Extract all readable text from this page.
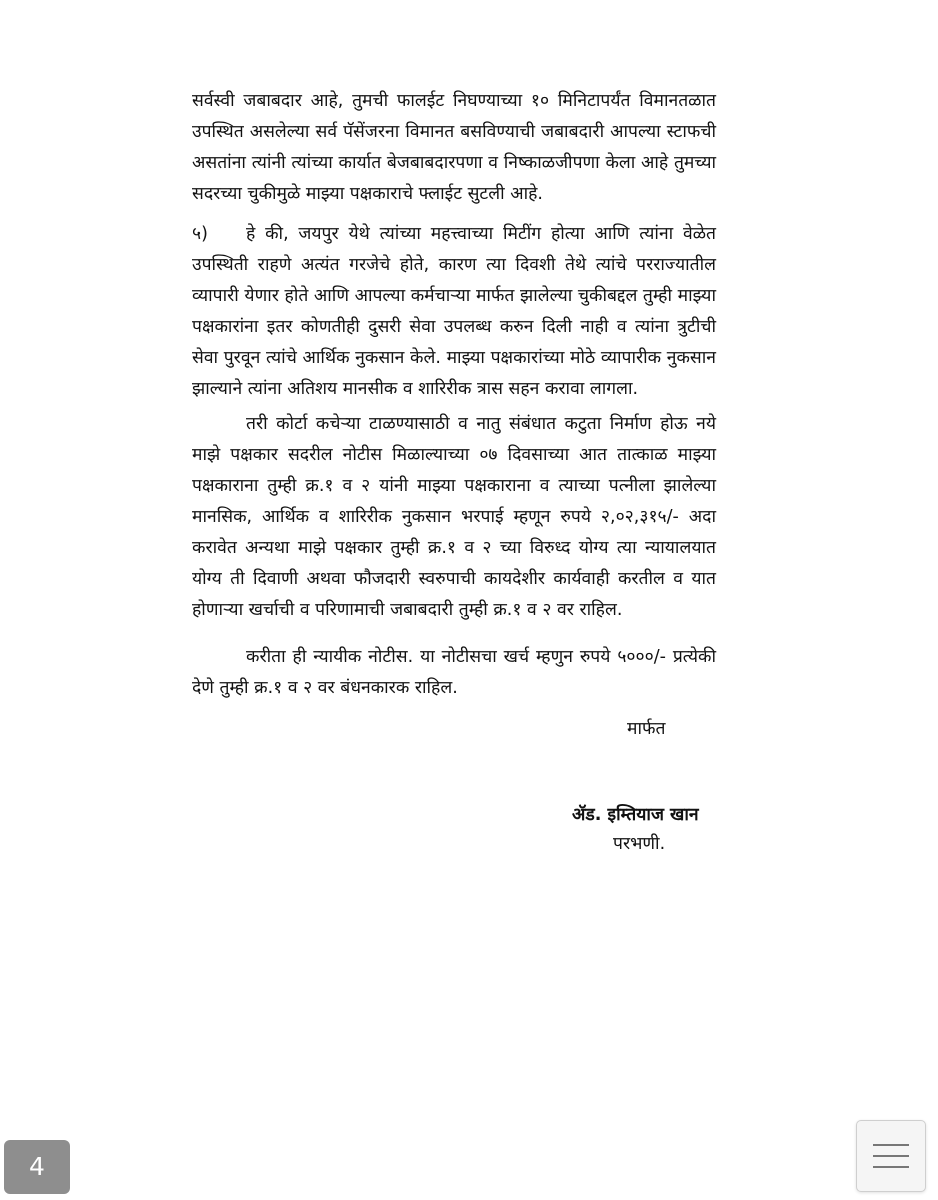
सर्वस्वी जबाबदार आहे, तुमची फालईट निघण्याच्या १० मिनिटापर्यंत विमानतळात उपस्थित असलेल्या सर्व पॅसेंजरना विमानत बसविण्याची जबाबदारी आपल्या स्टाफची असतांना त्यांनी त्यांच्या कार्यात बेजबाबदारपणा व निष्काळजीपणा केला आहे तुमच्या सदरच्या चुकीमुळे माझ्या पक्षकाराचे फ्लाईट सुटली आहे.

५) हे की, जयपुर येथे त्यांच्या महत्त्वाच्या मिटींग होत्या आणि त्यांना वेळेत उपस्थिती राहणे अत्यंत गरजेचे होते, कारण त्या दिवशी तेथे त्यांचे परराज्यातील व्यापारी येणार होते आणि आपल्या कर्मचाऱ्या मार्फत झालेल्या चुकीबद्दल तुम्ही माझ्या पक्षकारांना इतर कोणतीही दुसरी सेवा उपलब्ध करुन दिली नाही व त्यांना त्रुटीची सेवा पुरवून त्यांचे आर्थिक नुकसान केले. माझ्या पक्षकारांच्या मोठे व्यापारीक नुकसान झाल्याने त्यांना अतिशय मानसीक व शारिरीक त्रास सहन करावा लागला.

तरी कोर्टा कचेऱ्या टाळण्यासाठी व नातु संबंधात कटुता निर्माण होऊ नये माझे पक्षकार सदरील नोटीस मिळाल्याच्या ०७ दिवसाच्या आत तात्काळ माझ्या पक्षकाराना तुम्ही क्र.१ व २ यांनी माझ्या पक्षकाराना व त्याच्या पत्नीला झालेल्या मानसिक, आर्थिक व शारिरीक नुकसान भरपाई म्हणून रुपये २,०२,३१५/- अदा करावेत अन्यथा माझे पक्षकार तुम्ही क्र.१ व २ च्या विरुध्द योग्य त्या न्यायालयात योग्य ती दिवाणी अथवा फौजदारी स्वरुपाची कायदेशीर कार्यवाही करतील व यात होणाऱ्या खर्चाची व परिणामाची जबाबदारी तुम्ही क्र.१ व २ वर राहिल.

करीता ही न्यायीक नोटीस. या नोटीसचा खर्च म्हणुन रुपये ५०००/- प्रत्येकी देणे तुम्ही क्र.१ व २ वर बंधनकारक राहिल.

मार्फत
ॲड. इम्तियाज खान
परभणी.
4
